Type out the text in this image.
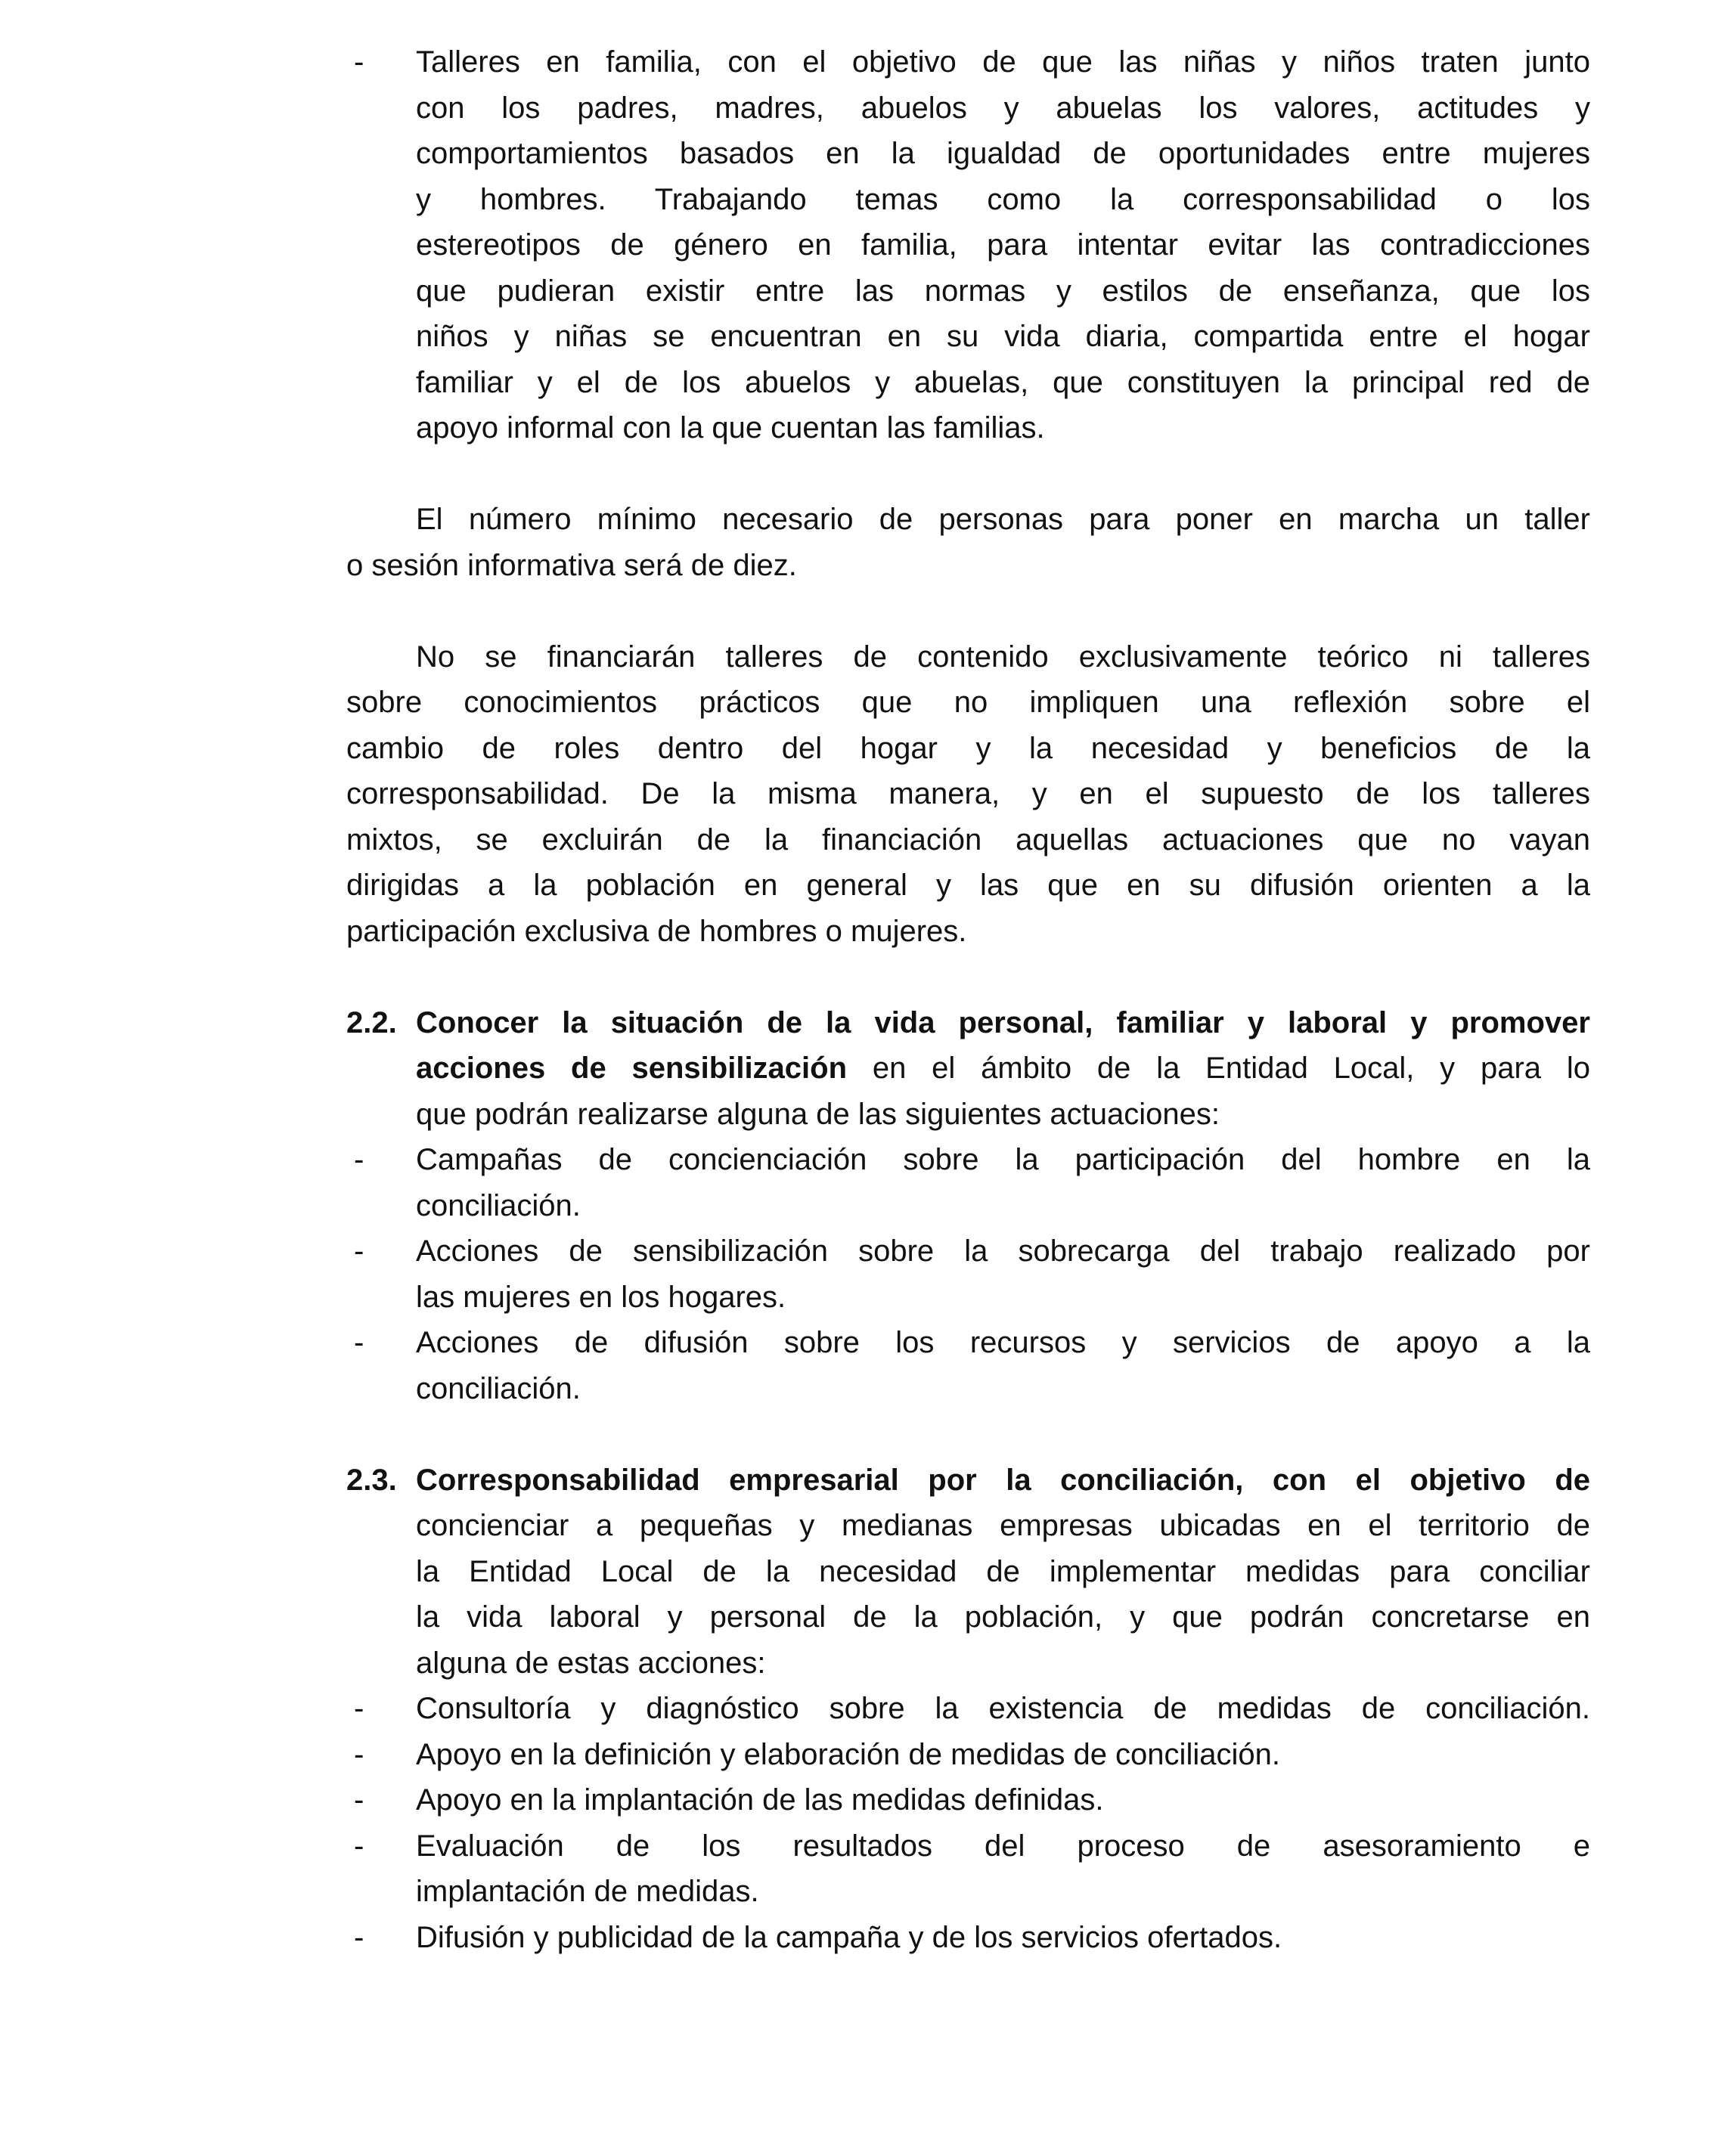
- Talleres en familia, con el objetivo de que las niñas y niños traten junto
con los padres, madres, abuelos y abuelas los valores, actitudes y
comportamientos basados en la igualdad de oportunidades entre mujeres
y hombres. Trabajando temas como la corresponsabilidad o los
estereotipos de género en familia, para intentar evitar las contradicciones
que pudieran existir entre las normas y estilos de enseñanza, que los
niños y niñas se encuentran en su vida diaria, compartida entre el hogar
familiar y el de los abuelos y abuelas, que constituyen la principal red de
apoyo informal con la que cuentan las familias.
El número mínimo necesario de personas para poner en marcha un taller
o sesión informativa será de diez.
No se financiarán talleres de contenido exclusivamente teórico ni talleres
sobre conocimientos prácticos que no impliquen una reflexión sobre el
cambio de roles dentro del hogar y la necesidad y beneficios de la
corresponsabilidad. De la misma manera, y en el supuesto de los talleres
mixtos, se excluirán de la financiación aquellas actuaciones que no vayan
dirigidas a la población en general y las que en su difusión orienten a la
participación exclusiva de hombres o mujeres.
2.2. Conocer la situación de la vida personal, familiar y laboral y promover
acciones de sensibilización en el ámbito de la Entidad Local, y para lo
que podrán realizarse alguna de las siguientes actuaciones:
- Campañas de concienciación sobre la participación del hombre en la
conciliación.
- Acciones de sensibilización sobre la sobrecarga del trabajo realizado por
las mujeres en los hogares.
- Acciones de difusión sobre los recursos y servicios de apoyo a la
conciliación.
2.3. Corresponsabilidad empresarial por la conciliación, con el objetivo de
concienciar a pequeñas y medianas empresas ubicadas en el territorio de
la Entidad Local de la necesidad de implementar medidas para conciliar
la vida laboral y personal de la población, y que podrán concretarse en
alguna de estas acciones:
- Consultoría y diagnóstico sobre la existencia de medidas de conciliación.
- Apoyo en la definición y elaboración de medidas de conciliación.
- Apoyo en la implantación de las medidas definidas.
- Evaluación de los resultados del proceso de asesoramiento e
implantación de medidas.
- Difusión y publicidad de la campaña y de los servicios ofertados.
